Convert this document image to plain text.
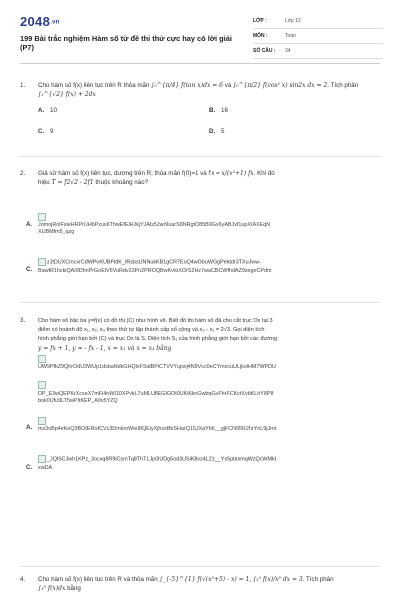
2048.vn
199 Bài trắc nghiệm Hàm số từ đề thi thử cực hay có lời giải (P7)
LỚP :	Lớp 12
MÔN :	Toán
SỐ CÂU :	34
1. Cho hàm số f(x) liên tục trên R thỏa mãn ∫₀^{π/4} f(tan x)dx = 6 và ∫₀^{π/2} f(cos² x) sin2x dx = 2. Tích phân
∫₁^{√2} f(x) + 2dx
A. 10	B. 16
C. 9	D. 5
2. Giả sử hàm số f(x) liên tục, dương trên R; thỏa mãn f(0)=1 và f'x = x/(x²+1) fx. Khi đó
hiệu T = f2√2 - 2f1 thuộc khoảng nào?
A. JomojRolFsleHRPrUHbPzus6ThwEfEiHJkjYJAls5Jwr9uarS8NRgtO85B9Gx6yABJvf1upXIAXEqN
XUBMfm5_qzg
C.
zJtDUXCmcxrCdWPoKUBFtdK_tRsbsUNNukKB1gCR7EoQ4wGbuWGgPektdr3TXuJww-
BawtR1hckiQAI9DhnPrGoElV6VuRdv23Pn2PROQBwKvtoXOrS2Hz7waCBCWfhdAZ9zegeCPdm
3. Cho hàm số bậc ba y=f(x) có đồ thị (C) như hình vẽ. Biết đồ thị hàm số đã cho cắt trục Ox tại 3
điểm có hoành độ x₁, x₂, x₃ theo thứ tự lập thành cấp số cộng và x₃ - x₁ = 2√3. Gọi diện tích
hình phẳng giới hạn bởi (C) và trục Ox là S. Diện tích S₁ của hình phẳng giới hạn bởi các đường
y = fx + 1, y = - fx - 1, x = x₁ và x = x₃ bằng
lJW9PfkZ9QhrOdU3WUp1dsbaNdkGHQlxFSidBPiCTVVYupxij4N9Vcc0eCYmxcuULjkolHM7WPDU
DP_E3wQEPKrXcxeX7mFi4nWI10XPvkL7uMLUflEGIGOt0UKt6knGwbqGvFhrFCKctXvbKLhY8P8
bok0Ufu9LT5wPItKEP_A0x5YZQ
A. mx3oBp4eKeQ3BOtERrdCVc3DmkrnWieI8QEiyXjhsxBbSHarQ15JXaYb6__gjFCN95R2hrYnL9jJmt
C.
_JQlSCJwh1KPz_3ocxq8R9iCsmTq8ThTLJp0lUDg5od3USiK8vz4L21__Ys5pbtxmqWzQcWMkt
xwDA
4. Cho hàm số f(x) liên tục trên R và thỏa mãn ∫_{-5}^{1} f(√(x²+5) - x) = 1, ∫₁⁵ f(x)/x² dx = 3. Tích phân
∫₁⁵ f(x)dx bằng
